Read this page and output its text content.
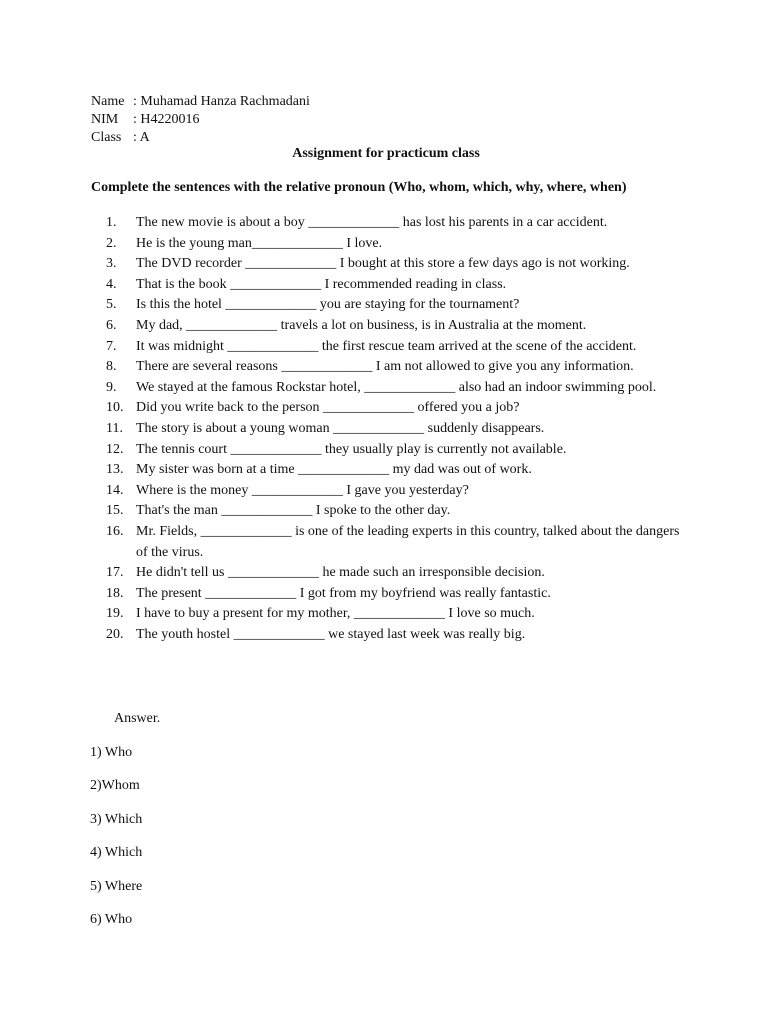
Name : Muhamad Hanza Rachmadani
NIM	: H4220016
Class : A
Assignment for practicum class
Complete the sentences with the relative pronoun (Who, whom, which, why, where, when)
1.	The new movie is about a boy _____________ has lost his parents in a car accident.
2.	He is the young man_____________ I love.
3.	The DVD recorder _____________ I bought at this store a few days ago is not working.
4.	That is the book _____________ I recommended reading in class.
5.	Is this the hotel _____________ you are staying for the tournament?
6.	My dad, _____________ travels a lot on business, is in Australia at the moment.
7.	It was midnight _____________ the first rescue team arrived at the scene of the accident.
8.	There are several reasons _____________ I am not allowed to give you any information.
9.	We stayed at the famous Rockstar hotel, _____________ also had an indoor swimming pool.
10. Did you write back to the person _____________ offered you a job?
11. The story is about a young woman _____________ suddenly disappears.
12. The tennis court _____________ they usually play is currently not available.
13. My sister was born at a time _____________ my dad was out of work.
14. Where is the money _____________ I gave you yesterday?
15. That's the man _____________ I spoke to the other day.
16. Mr. Fields, _____________ is one of the leading experts in this country, talked about the dangers of the virus.
17. He didn't tell us _____________ he made such an irresponsible decision.
18. The present _____________ I got from my boyfriend was really fantastic.
19. I have to buy a present for my mother, _____________ I love so much.
20. The youth hostel _____________ we stayed last week was really big.
Answer.
1) Who
2)Whom
3) Which
4) Which
5) Where
6) Who
